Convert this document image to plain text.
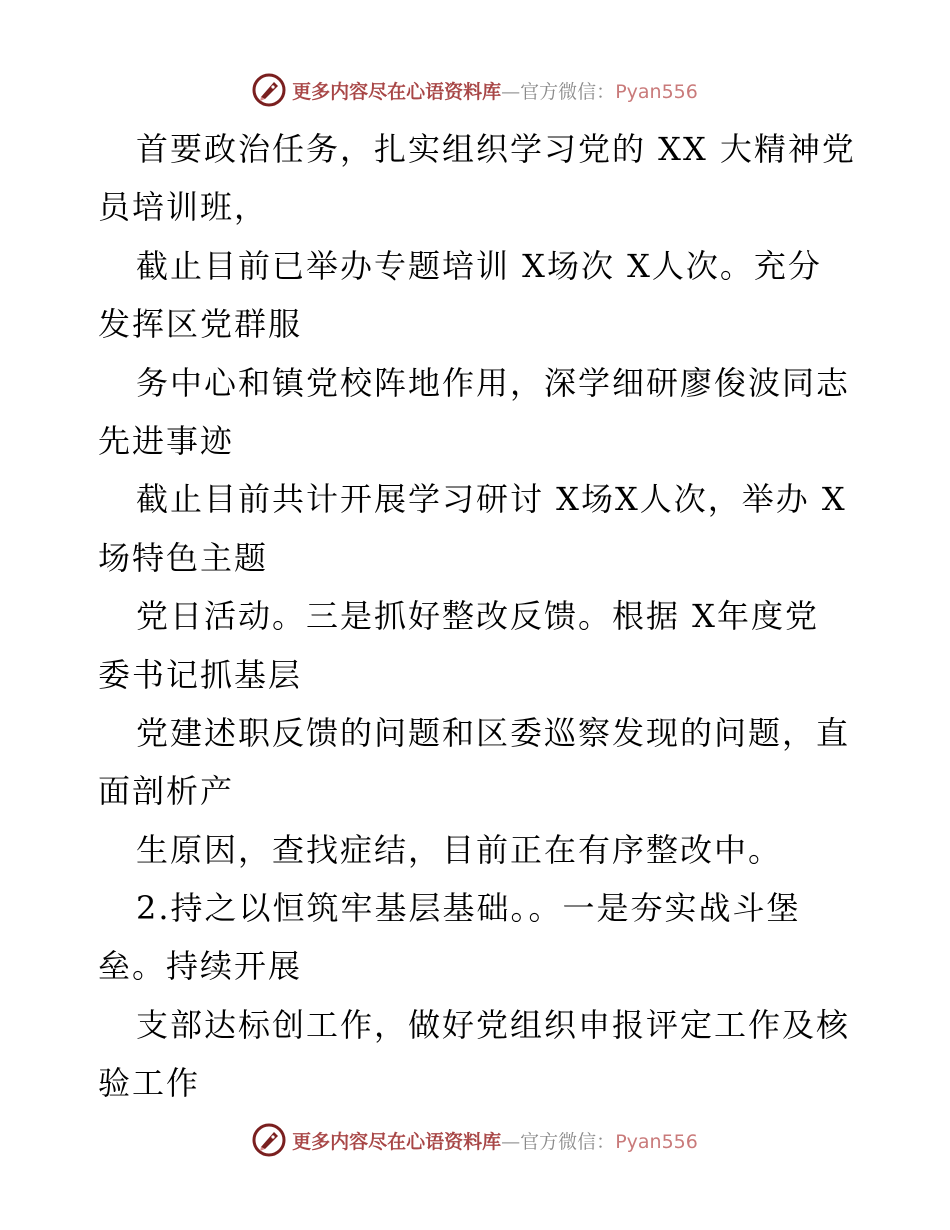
更多内容尽在心语资料库—官方微信：Pyan556
首要政治任务，扎实组织学习党的 XX 大精神党
员培训班，
截止目前已举办专题培训 X场次 X人次。充分
发挥区党群服
务中心和镇党校阵地作用，深学细研廖俊波同志
先进事迹
截止目前共计开展学习研讨 X场X人次，举办 X
场特色主题
党日活动。三是抓好整改反馈。根据 X年度党
委书记抓基层
党建述职反馈的问题和区委巡察发现的问题，直
面剖析产
生原因，查找症结，目前正在有序整改中。
2.持之以恒筑牢基层基础。。一是夯实战斗堡
垒。持续开展
支部达标创工作，做好党组织申报评定工作及核
验工作
更多内容尽在心语资料库—官方微信：Pyan556
